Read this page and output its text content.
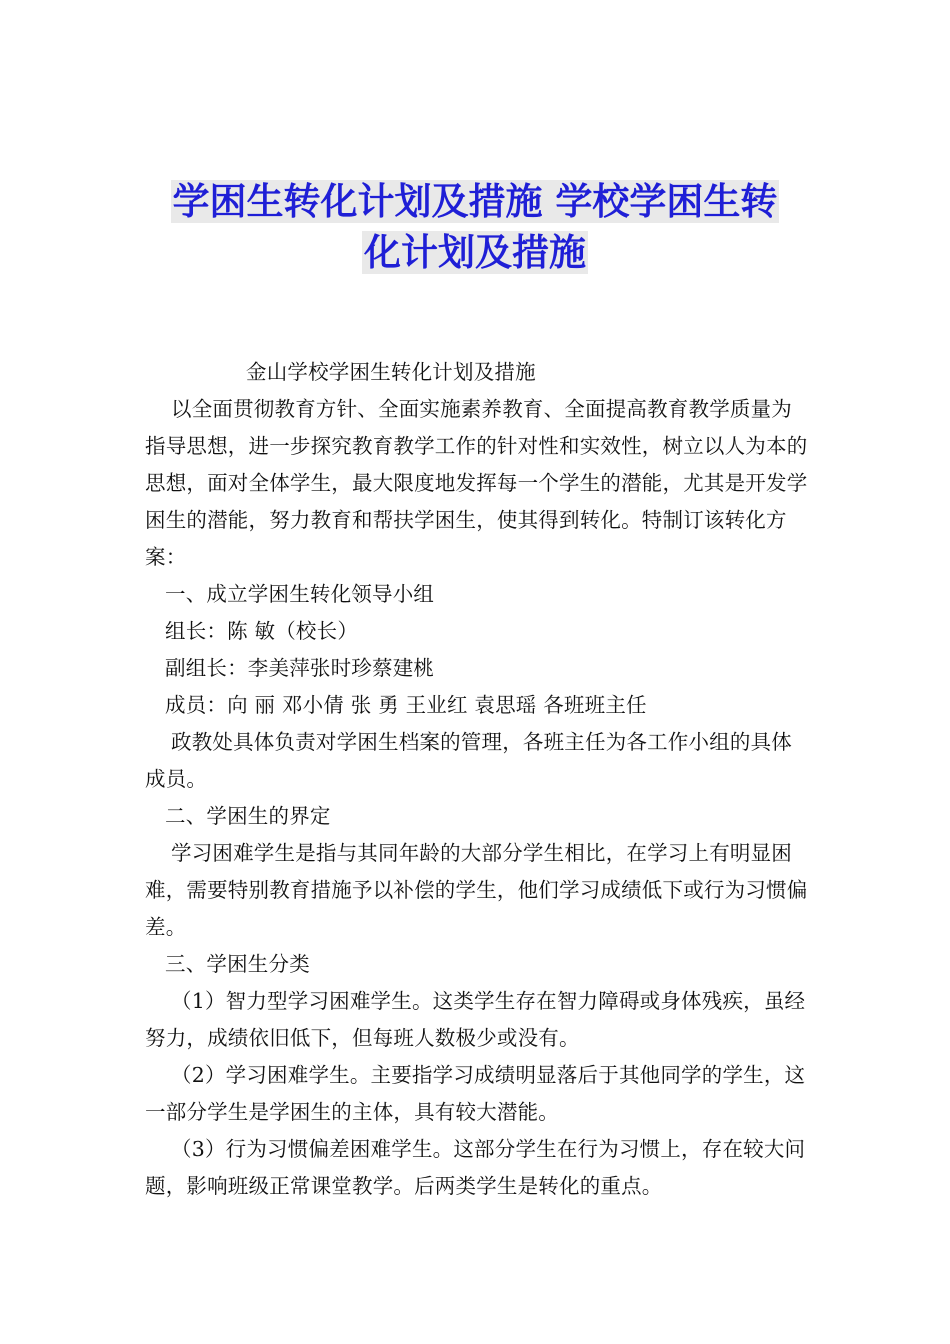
学困生转化计划及措施 学校学困生转
化计划及措施

金山学校学困生转化计划及措施

以全面贯彻教育方针、全面实施素养教育、全面提高教育教学质量为指导思想，进一步探究教育教学工作的针对性和实效性，树立以人为本的思想，面对全体学生，最大限度地发挥每一个学生的潜能，尤其是开发学困生的潜能，努力教育和帮扶学困生，使其得到转化。特制订该转化方案：

一、成立学困生转化领导小组

组长：陈 敏（校长）

副组长：李美萍张时珍蔡建桃

成员：向 丽 邓小倩 张 勇 王业红 袁思瑶 各班班主任

政教处具体负责对学困生档案的管理，各班主任为各工作小组的具体成员。

二、学困生的界定

学习困难学生是指与其同年龄的大部分学生相比，在学习上有明显困难，需要特别教育措施予以补偿的学生，他们学习成绩低下或行为习惯偏差。

三、学困生分类

（1）智力型学习困难学生。这类学生存在智力障碍或身体残疾，虽经努力，成绩依旧低下，但每班人数极少或没有。

（2）学习困难学生。主要指学习成绩明显落后于其他同学的学生，这一部分学生是学困生的主体，具有较大潜能。

（3）行为习惯偏差困难学生。这部分学生在行为习惯上，存在较大问题，影响班级正常课堂教学。后两类学生是转化的重点。
